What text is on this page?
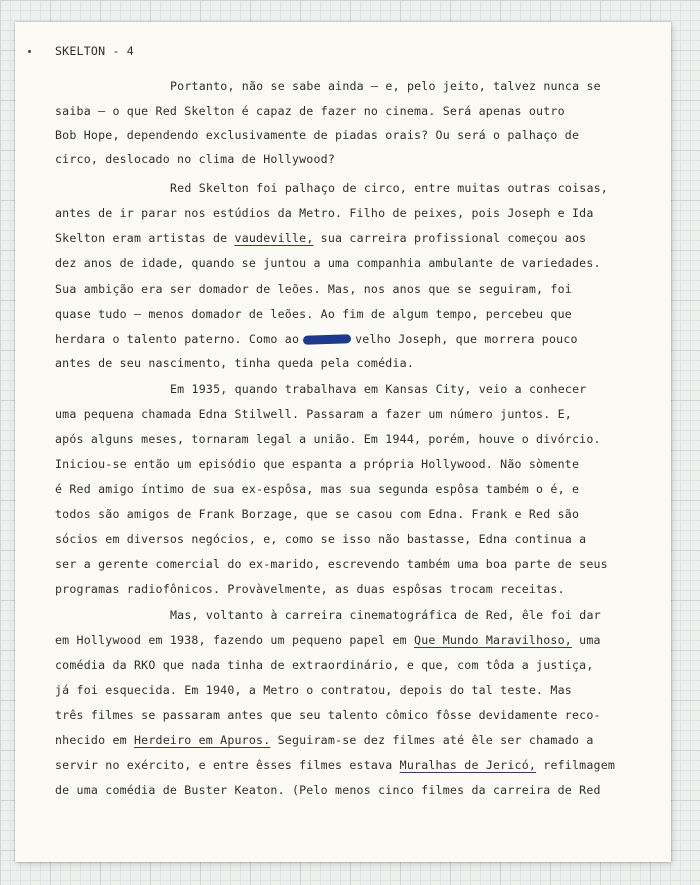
SKELTON - 4
Portanto, não se sabe ainda — e, pelo jeito, talvez nunca se
saiba — o que Red Skelton é capaz de fazer no cinema. Será apenas outro
Bob Hope, dependendo exclusivamente de piadas orais? Ou será o palhaço de
circo, deslocado no clima de Hollywood?
Red Skelton foi palhaço de circo, entre muitas outras coisas,
antes de ir parar nos estúdios da Metro. Filho de peixes, pois Joseph e Ida
Skelton eram artistas de vaudeville, sua carreira profissional começou aos
dez anos de idade, quando se juntou a uma companhia ambulante de variedades.
Sua ambição era ser domador de leões. Mas, nos anos que se seguiram, foi
quase tudo — menos domador de leões. Ao fim de algum tempo, percebeu que
herdara o talento paterno. Como ao	velho Joseph, que morrera pouco
antes de seu nascimento, tinha queda pela comédia.
Em 1935, quando trabalhava em Kansas City, veio a conhecer
uma pequena chamada Edna Stilwell. Passaram a fazer um número juntos. E,
após alguns meses, tornaram legal a união. Em 1944, porém, houve o divórcio.
Iniciou-se então um episódio que espanta a própria Hollywood. Não sòmente
é Red amigo íntimo de sua ex-espôsa, mas sua segunda espôsa também o é, e
todos são amigos de Frank Borzage, que se casou com Edna. Frank e Red são
sócios em diversos negócios, e, como se isso não bastasse, Edna continua a
ser a gerente comercial do ex-marido, escrevendo também uma boa parte de seus
programas radiofônicos. Provàvelmente, as duas espôsas trocam receitas.
Mas, voltanto à carreira cinematográfica de Red, êle foi dar
em Hollywood em 1938, fazendo um pequeno papel em Que Mundo Maravilhoso, uma
comédia da RKO que nada tinha de extraordinário, e que, com tôda a justiça,
já foi esquecida. Em 1940, a Metro o contratou, depois do tal teste. Mas
três filmes se passaram antes que seu talento cômico fôsse devidamente reco-
nhecido em Herdeiro em Apuros. Seguiram-se dez filmes até êle ser chamado a
servir no exército, e entre êsses filmes estava Muralhas de Jericó, refilmagem
de uma comédia de Buster Keaton. (Pelo menos cinco filmes da carreira de Red
